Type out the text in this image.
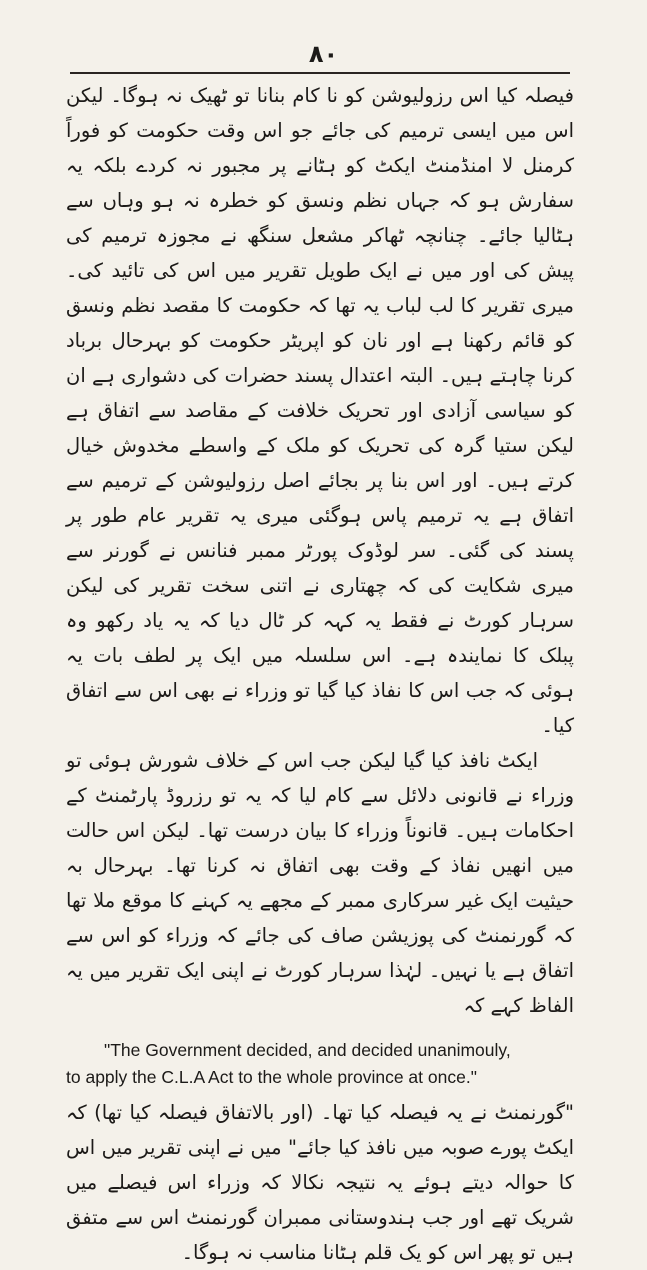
۸۰

فیصلہ کیا اس رزولیوشن کو نا کام بنانا تو ٹھیک نہ ہوگا۔ لیکن اس میں ایسی ترمیم کی جائے جو اس وقت حکومت کو فوراً کرمنل لا امنڈمنٹ ایکٹ کو ہٹانے پر مجبور نہ کردے بلکہ یہ سفارش ہو کہ جہاں نظم ونسق کو خطرہ نہ ہو وہاں سے ہٹالیا جائے۔ چنانچہ ٹھاکر مشعل سنگھ نے مجوزہ ترمیم کی پیش کی اور میں نے ایک طویل تقریر میں اس کی تائید کی۔ میری تقریر کا لب لباب یہ تھا کہ حکومت کا مقصد نظم ونسق کو قائم رکھنا ہے اور نان کو اپریٹر حکومت کو بہرحال برباد کرنا چاہتے ہیں۔ البتہ اعتدال پسند حضرات کی دشواری ہے ان کو سیاسی آزادی اور تحریک خلافت کے مقاصد سے اتفاق ہے لیکن ستیا گرہ کی تحریک کو ملک کے واسطے مخدوش خیال کرتے ہیں۔ اور اس بنا پر بجائے اصل رزولیوشن کے ترمیم سے اتفاق ہے یہ ترمیم پاس ہوگئی میری یہ تقریر عام طور پر پسند کی گئی۔ سر لوڈوک پورٹر ممبر فنانس نے گورنر سے میری شکایت کی کہ چھتاری نے اتنی سخت تقریر کی لیکن سرہار کورٹ نے فقط یہ کہہ کر ٹال دیا کہ یہ یاد رکھو وہ پبلک کا نمایندہ ہے۔ اس سلسلہ میں ایک پر لطف بات یہ ہوئی کہ جب اس کا نفاذ کیا گیا تو وزراء نے بھی اس سے اتفاق کیا۔

ایکٹ نافذ کیا گیا لیکن جب اس کے خلاف شورش ہوئی تو وزراء نے قانونی دلائل سے کام لیا کہ یہ تو رزروڈ پارٹمنٹ کے احکامات ہیں۔ قانوناً وزراء کا بیان درست تھا۔ لیکن اس حالت میں انھیں نفاذ کے وقت بھی اتفاق نہ کرنا تھا۔ بہرحال بہ حیثیت ایک غیر سرکاری ممبر کے مجھے یہ کہنے کا موقع ملا تھا کہ گورنمنٹ کی پوزیشن صاف کی جائے کہ وزراء کو اس سے اتفاق ہے یا نہیں۔ لہٰذا سرہار کورٹ نے اپنی ایک تقریر میں یہ الفاظ کہے کہ

"The Government decided, and decided unanimouly,
to apply the C.L.A Act to the whole province at once."

"گورنمنٹ نے یہ فیصلہ کیا تھا۔ (اور بالاتفاق فیصلہ کیا تھا) کہ ایکٹ پورے صوبہ میں نافذ کیا جائے" میں نے اپنی تقریر میں اس کا حوالہ دیتے ہوئے یہ نتیجہ نکالا کہ وزراء اس فیصلے میں شریک تھے اور جب ہندوستانی ممبران گورنمنٹ اس سے متفق ہیں تو پھر اس کو یک قلم ہٹانا مناسب نہ ہوگا۔
